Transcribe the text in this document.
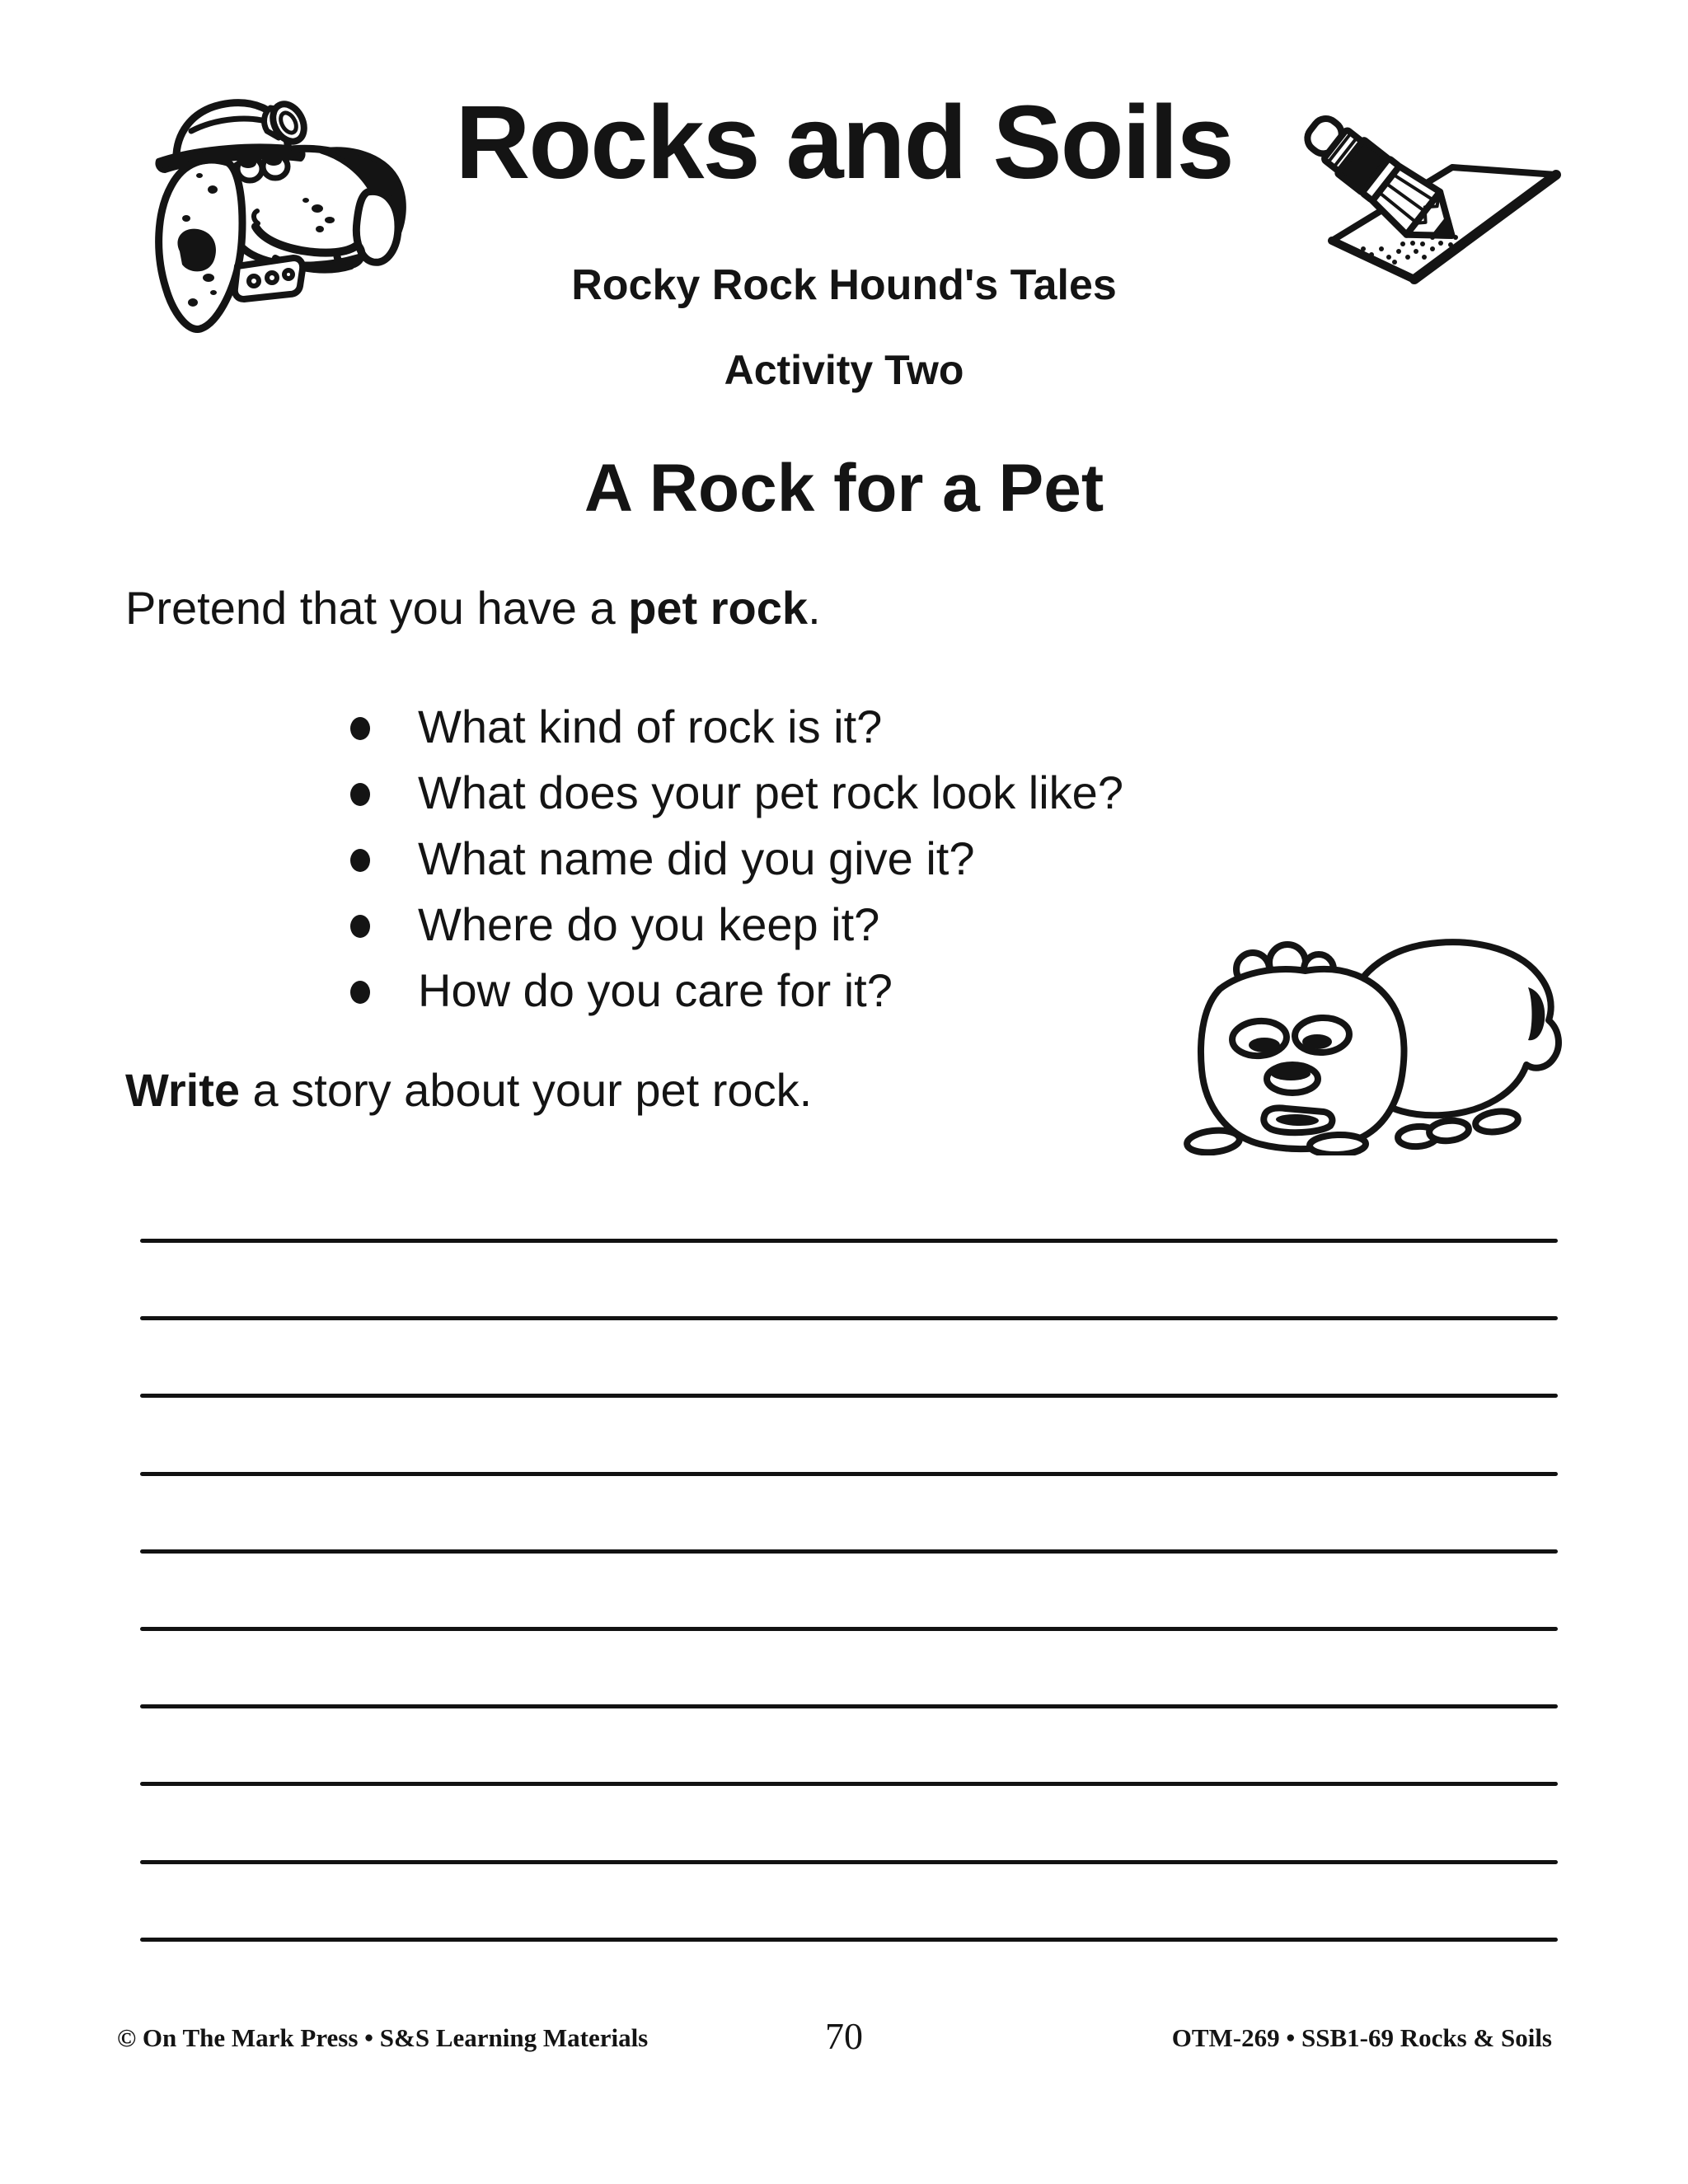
Rocks and Soils
Rocky Rock Hound's Tales
Activity Two
A Rock for a Pet

Pretend that you have a pet rock.

What kind of rock is it?
What does your pet rock look like?
What name did you give it?
Where do you keep it?
How do you care for it?

Write a story about your pet rock.

© On The Mark Press • S&S Learning Materials	70	OTM-269 • SSB1-69 Rocks & Soils
